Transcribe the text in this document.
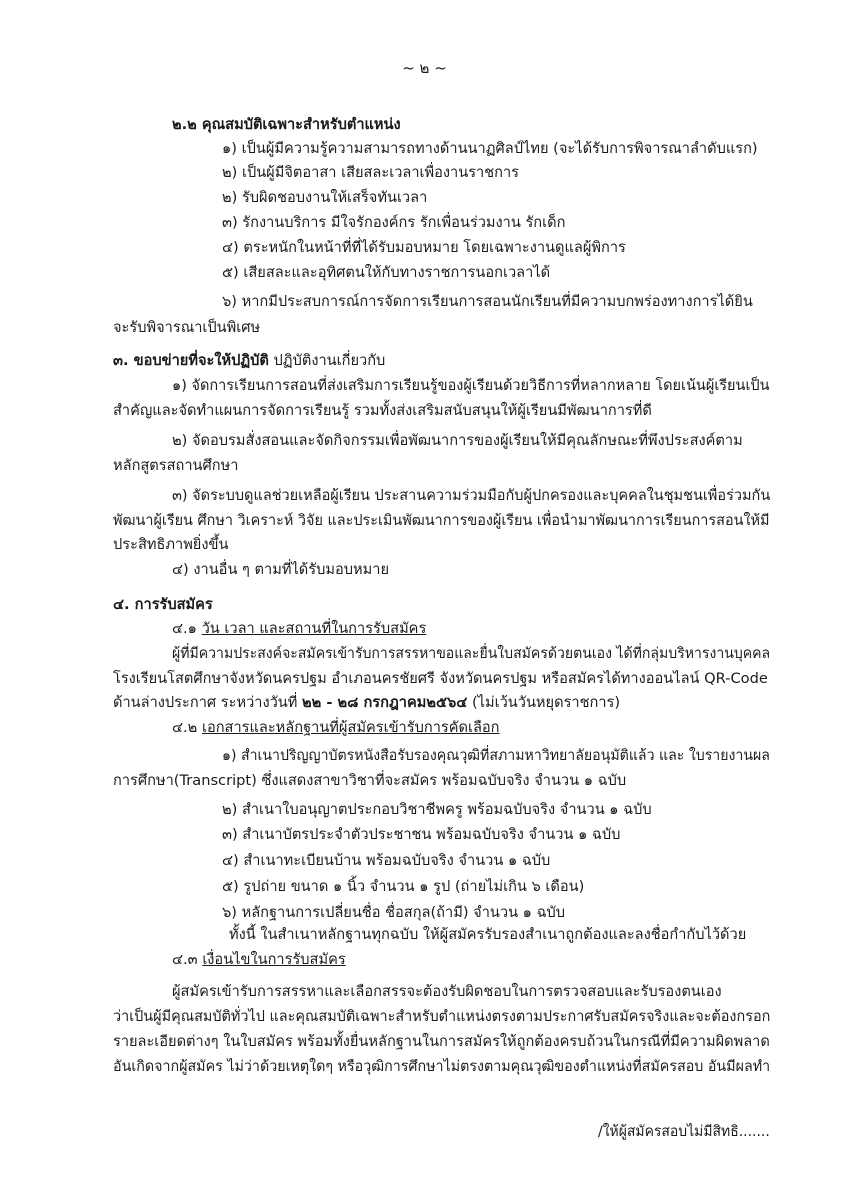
~ ๒ ~
๒.๒ คุณสมบัติเฉพาะสำหรับตำแหน่ง
๑) เป็นผู้มีความรู้ความสามารถทางด้านนาฏศิลป์ไทย (จะได้รับการพิจารณาลำดับแรก)
๒) เป็นผู้มีจิตอาสา เสียสละเวลาเพื่องานราชการ
๒) รับผิดชอบงานให้เสร็จทันเวลา
๓) รักงานบริการ มีใจรักองค์กร รักเพื่อนร่วมงาน รักเด็ก
๔) ตระหนักในหน้าที่ที่ได้รับมอบหมาย โดยเฉพาะงานดูแลผู้พิการ
๕) เสียสละและอุทิศตนให้กับทางราชการนอกเวลาได้
๖) หากมีประสบการณ์การจัดการเรียนการสอนนักเรียนที่มีความบกพร่องทางการได้ยิน
จะรับพิจารณาเป็นพิเศษ
๓. ขอบข่ายที่จะให้ปฏิบัติ ปฏิบัติงานเกี่ยวกับ
๑) จัดการเรียนการสอนที่ส่งเสริมการเรียนรู้ของผู้เรียนด้วยวิธีการที่หลากหลาย โดยเน้นผู้เรียนเป็น
สำคัญและจัดทำแผนการจัดการเรียนรู้ รวมทั้งส่งเสริมสนับสนุนให้ผู้เรียนมีพัฒนาการที่ดี
๒) จัดอบรมสั่งสอนและจัดกิจกรรมเพื่อพัฒนาการของผู้เรียนให้มีคุณลักษณะที่พึงประสงค์ตาม
หลักสูตรสถานศึกษา
๓) จัดระบบดูแลช่วยเหลือผู้เรียน ประสานความร่วมมือกับผู้ปกครองและบุคคลในชุมชนเพื่อร่วมกัน
พัฒนาผู้เรียน ศึกษา วิเคราะห์ วิจัย และประเมินพัฒนาการของผู้เรียน เพื่อนำมาพัฒนาการเรียนการสอนให้มี
ประสิทธิภาพยิ่งขึ้น
๔) งานอื่น ๆ ตามที่ได้รับมอบหมาย
๔. การรับสมัคร
๔.๑ วัน เวลา และสถานที่ในการรับสมัคร
ผู้ที่มีความประสงค์จะสมัครเข้ารับการสรรหาขอและยื่นใบสมัครด้วยตนเอง ได้ที่กลุ่มบริหารงานบุคคล
โรงเรียนโสตศึกษาจังหวัดนครปฐม อำเภอนครชัยศรี จังหวัดนครปฐม หรือสมัครได้ทางออนไลน์ QR-Code
ด้านล่างประกาศ ระหว่างวันที่ ๒๒ - ๒๘ กรกฎาคม๒๕๖๔ (ไม่เว้นวันหยุดราชการ)
๔.๒ เอกสารและหลักฐานที่ผู้สมัครเข้ารับการคัดเลือก
๑) สำเนาปริญญาบัตรหนังสือรับรองคุณวุฒิที่สภามหาวิทยาลัยอนุมัติแล้ว และ ใบรายงานผล
การศึกษา(Transcript) ซึ่งแสดงสาขาวิชาที่จะสมัคร พร้อมฉบับจริง จำนวน ๑ ฉบับ
๒) สำเนาใบอนุญาตประกอบวิชาชีพครู พร้อมฉบับจริง จำนวน ๑ ฉบับ
๓) สำเนาบัตรประจำตัวประชาชน พร้อมฉบับจริง จำนวน ๑ ฉบับ
๔) สำเนาทะเบียนบ้าน พร้อมฉบับจริง จำนวน ๑ ฉบับ
๕) รูปถ่าย ขนาด ๑ นิ้ว จำนวน ๑ รูป (ถ่ายไม่เกิน ๖ เดือน)
๖) หลักฐานการเปลี่ยนชื่อ ชื่อสกุล(ถ้ามี) จำนวน ๑ ฉบับ
ทั้งนี้ ในสำเนาหลักฐานทุกฉบับ ให้ผู้สมัครรับรองสำเนาถูกต้องและลงชื่อกำกับไว้ด้วย
๔.๓ เงื่อนไขในการรับสมัคร
ผู้สมัครเข้ารับการสรรหาและเลือกสรรจะต้องรับผิดชอบในการตรวจสอบและรับรองตนเอง
ว่าเป็นผู้มีคุณสมบัติทั่วไป และคุณสมบัติเฉพาะสำหรับตำแหน่งตรงตามประกาศรับสมัครจริงและจะต้องกรอก
รายละเอียดต่างๆ ในใบสมัคร พร้อมทั้งยื่นหลักฐานในการสมัครให้ถูกต้องครบถ้วนในกรณีที่มีความผิดพลาด
อันเกิดจากผู้สมัคร ไม่ว่าด้วยเหตุใดๆ หรือวุฒิการศึกษาไม่ตรงตามคุณวุฒิของตำแหน่งที่สมัครสอบ อันมีผลทำ
/ให้ผู้สมัครสอบไม่มีสิทธิ.......
